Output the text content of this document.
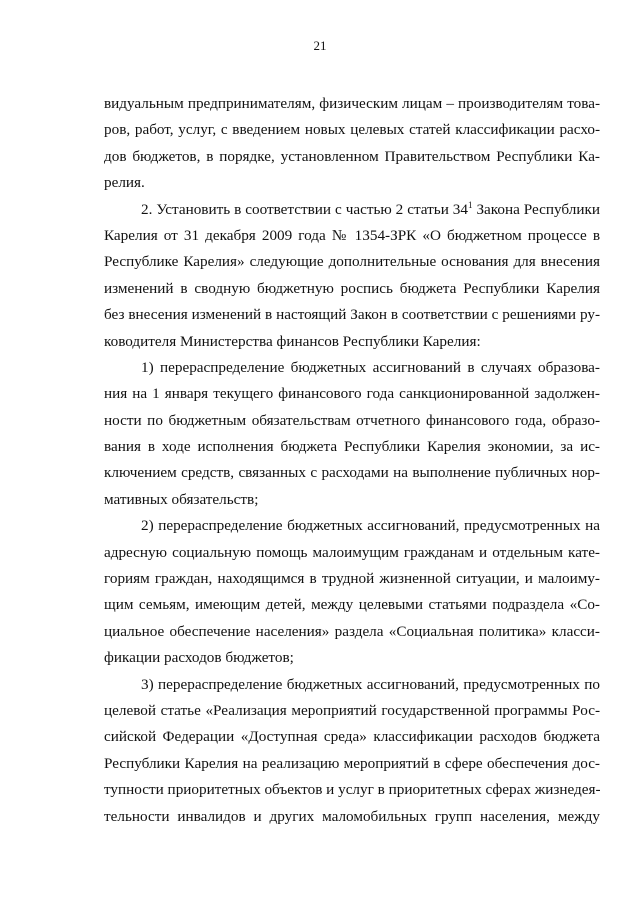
21
видуальным предпринимателям, физическим лицам – производителям това-
ров, работ, услуг, с введением новых целевых статей классификации расхо-
дов бюджетов, в порядке, установленном Правительством Республики Ка-
релия.
2. Установить в соответствии с частью 2 статьи $34^1$ Закона Республики
Карелия от 31 декабря 2009 года № 1354-ЗРК «О бюджетном процессе в
Республике Карелия» следующие дополнительные основания для внесения
изменений в сводную бюджетную роспись бюджета Республики Карелия
без внесения изменений в настоящий Закон в соответствии с решениями ру-
ководителя Министерства финансов Республики Карелия:
1) перераспределение бюджетных ассигнований в случаях образова-
ния на 1 января текущего финансового года санкционированной задолжен-
ности по бюджетным обязательствам отчетного финансового года, образо-
вания в ходе исполнения бюджета Республики Карелия экономии, за ис-
ключением средств, связанных с расходами на выполнение публичных нор-
мативных обязательств;
2) перераспределение бюджетных ассигнований, предусмотренных на
адресную социальную помощь малоимущим гражданам и отдельным кате-
гориям граждан, находящимся в трудной жизненной ситуации, и малоиму-
щим семьям, имеющим детей, между целевыми статьями подраздела «Со-
циальное обеспечение населения» раздела «Социальная политика» класси-
фикации расходов бюджетов;
3) перераспределение бюджетных ассигнований, предусмотренных по
целевой статье «Реализация мероприятий государственной программы Рос-
сийской Федерации «Доступная среда» классификации расходов бюджета
Республики Карелия на реализацию мероприятий в сфере обеспечения дос-
тупности приоритетных объектов и услуг в приоритетных сферах жизнедея-
тельности инвалидов и других маломобильных групп населения, между
